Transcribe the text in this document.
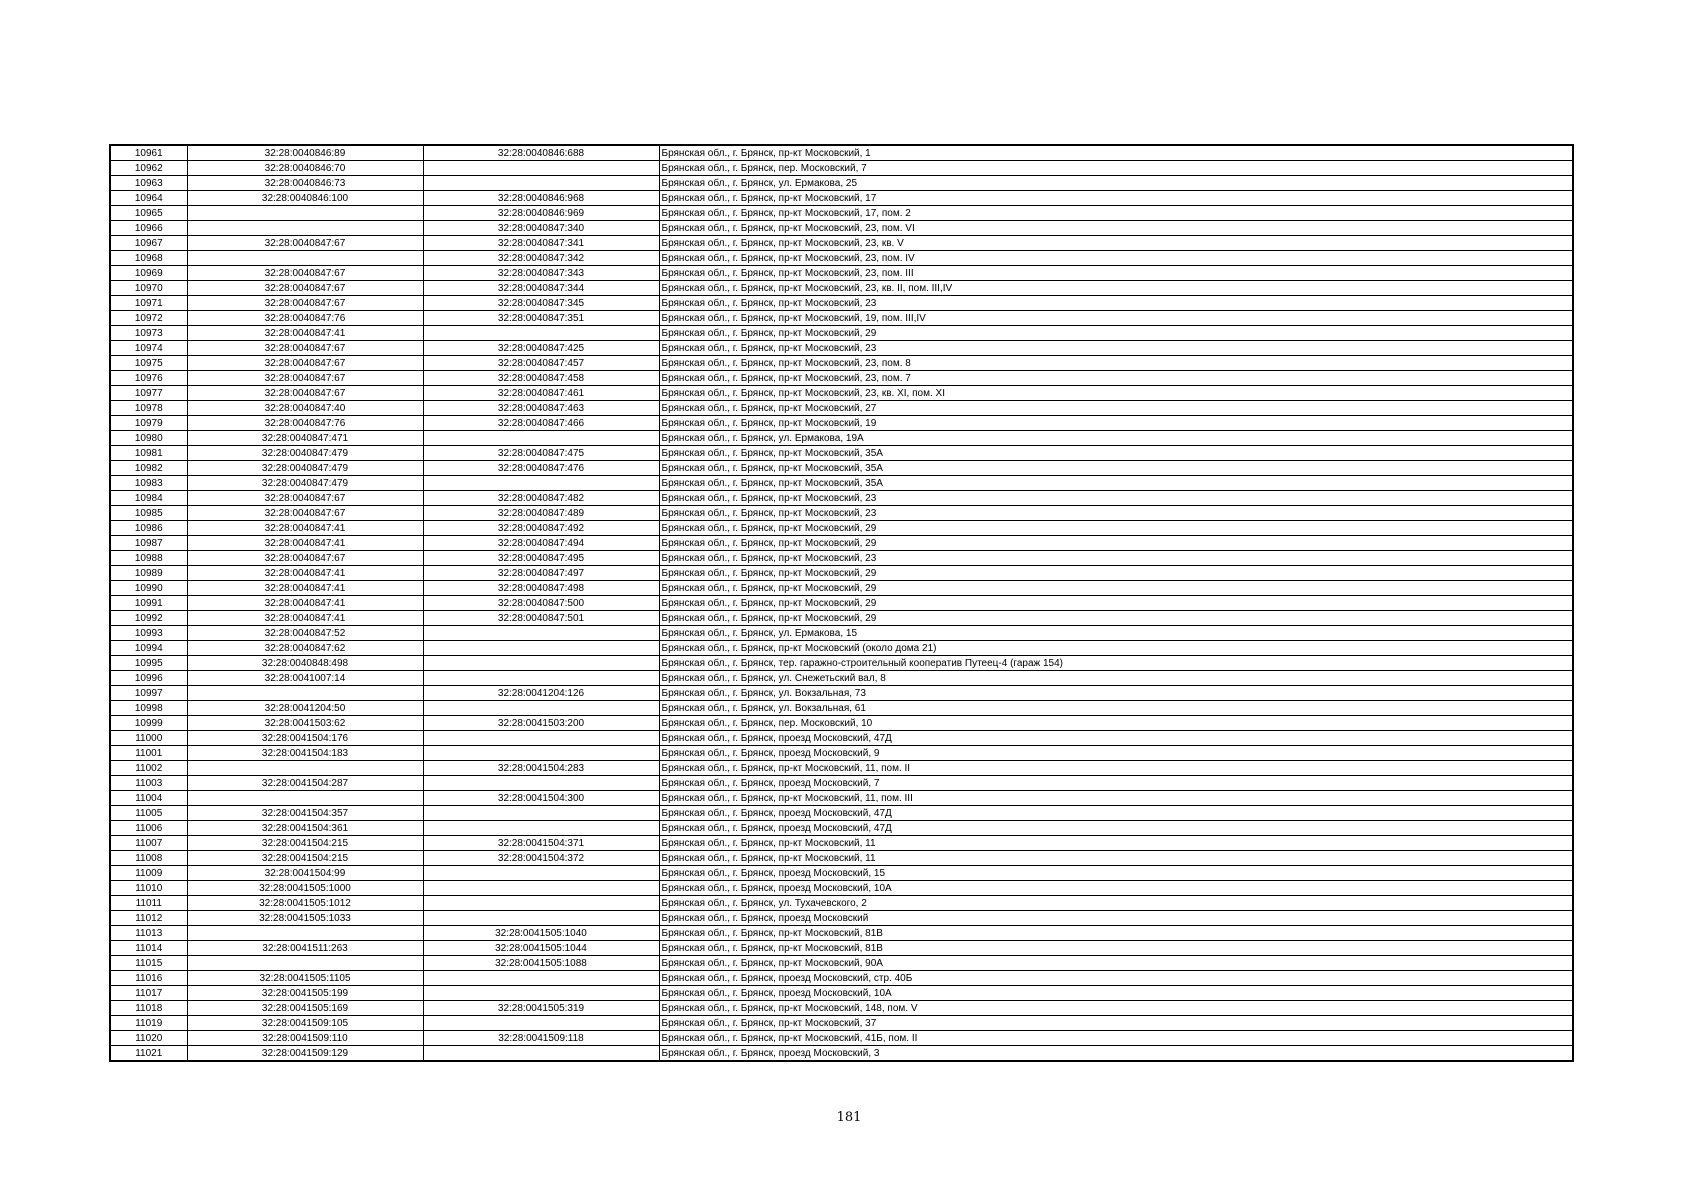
10961	32:28:0040846:89	32:28:0040846:688	Брянская обл., г. Брянск, пр-кт Московский, 1
10962	32:28:0040846:70		Брянская обл., г. Брянск, пер. Московский, 7
10963	32:28:0040846:73		Брянская обл., г. Брянск, ул. Ермакова, 25
10964	32:28:0040846:100	32:28:0040846:968	Брянская обл., г. Брянск, пр-кт Московский, 17
10965		32:28:0040846:969	Брянская обл., г. Брянск, пр-кт Московский, 17, пом. 2
10966		32:28:0040847:340	Брянская обл., г. Брянск, пр-кт Московский, 23, пом. VI
10967	32:28:0040847:67	32:28:0040847:341	Брянская обл., г. Брянск, пр-кт Московский, 23, кв. V
10968		32:28:0040847:342	Брянская обл., г. Брянск, пр-кт Московский, 23, пом. IV
10969	32:28:0040847:67	32:28:0040847:343	Брянская обл., г. Брянск, пр-кт Московский, 23, пом. III
10970	32:28:0040847:67	32:28:0040847:344	Брянская обл., г. Брянск, пр-кт Московский, 23, кв. II, пом. III,IV
10971	32:28:0040847:67	32:28:0040847:345	Брянская обл., г. Брянск, пр-кт Московский, 23
10972	32:28:0040847:76	32:28:0040847:351	Брянская обл., г. Брянск, пр-кт Московский, 19, пом. III,IV
10973	32:28:0040847:41		Брянская обл., г. Брянск, пр-кт Московский, 29
10974	32:28:0040847:67	32:28:0040847:425	Брянская обл., г. Брянск, пр-кт Московский, 23
10975	32:28:0040847:67	32:28:0040847:457	Брянская обл., г. Брянск, пр-кт Московский, 23, пом. 8
10976	32:28:0040847:67	32:28:0040847:458	Брянская обл., г. Брянск, пр-кт Московский, 23, пом. 7
10977	32:28:0040847:67	32:28:0040847:461	Брянская обл., г. Брянск, пр-кт Московский, 23, кв. XI, пом. XI
10978	32:28:0040847:40	32:28:0040847:463	Брянская обл., г. Брянск, пр-кт Московский, 27
10979	32:28:0040847:76	32:28:0040847:466	Брянская обл., г. Брянск, пр-кт Московский, 19
10980	32:28:0040847:471		Брянская обл., г. Брянск, ул. Ермакова, 19А
10981	32:28:0040847:479	32:28:0040847:475	Брянская обл., г. Брянск, пр-кт Московский, 35А
10982	32:28:0040847:479	32:28:0040847:476	Брянская обл., г. Брянск, пр-кт Московский, 35А
10983	32:28:0040847:479		Брянская обл., г. Брянск, пр-кт Московский, 35А
10984	32:28:0040847:67	32:28:0040847:482	Брянская обл., г. Брянск, пр-кт Московский, 23
10985	32:28:0040847:67	32:28:0040847:489	Брянская обл., г. Брянск, пр-кт Московский, 23
10986	32:28:0040847:41	32:28:0040847:492	Брянская обл., г. Брянск, пр-кт Московский, 29
10987	32:28:0040847:41	32:28:0040847:494	Брянская обл., г. Брянск, пр-кт Московский, 29
10988	32:28:0040847:67	32:28:0040847:495	Брянская обл., г. Брянск, пр-кт Московский, 23
10989	32:28:0040847:41	32:28:0040847:497	Брянская обл., г. Брянск, пр-кт Московский, 29
10990	32:28:0040847:41	32:28:0040847:498	Брянская обл., г. Брянск, пр-кт Московский, 29
10991	32:28:0040847:41	32:28:0040847:500	Брянская обл., г. Брянск, пр-кт Московский, 29
10992	32:28:0040847:41	32:28:0040847:501	Брянская обл., г. Брянск, пр-кт Московский, 29
10993	32:28:0040847:52		Брянская обл., г. Брянск, ул. Ермакова, 15
10994	32:28:0040847:62		Брянская обл., г. Брянск, пр-кт Московский (около дома 21)
10995	32:28:0040848:498		Брянская обл., г. Брянск, тер. гаражно-строительный кооператив Путеец-4 (гараж 154)
10996	32:28:0041007:14		Брянская обл., г. Брянск, ул. Снежетьский вал, 8
10997		32:28:0041204:126	Брянская обл., г. Брянск, ул. Вокзальная, 73
10998	32:28:0041204:50		Брянская обл., г. Брянск, ул. Вокзальная, 61
10999	32:28:0041503:62	32:28:0041503:200	Брянская обл., г. Брянск, пер. Московский, 10
11000	32:28:0041504:176		Брянская обл., г. Брянск, проезд Московский, 47Д
11001	32:28:0041504:183		Брянская обл., г. Брянск, проезд Московский, 9
11002		32:28:0041504:283	Брянская обл., г. Брянск, пр-кт Московский, 11, пом. II
11003	32:28:0041504:287		Брянская обл., г. Брянск, проезд Московский, 7
11004		32:28:0041504:300	Брянская обл., г. Брянск, пр-кт Московский, 11, пом. III
11005	32:28:0041504:357		Брянская обл., г. Брянск, проезд Московский, 47Д
11006	32:28:0041504:361		Брянская обл., г. Брянск, проезд Московский, 47Д
11007	32:28:0041504:215	32:28:0041504:371	Брянская обл., г. Брянск, пр-кт Московский, 11
11008	32:28:0041504:215	32:28:0041504:372	Брянская обл., г. Брянск, пр-кт Московский, 11
11009	32:28:0041504:99		Брянская обл., г. Брянск, проезд Московский, 15
11010	32:28:0041505:1000		Брянская обл., г. Брянск, проезд Московский, 10А
11011	32:28:0041505:1012		Брянская обл., г. Брянск, ул. Тухачевского, 2
11012	32:28:0041505:1033		Брянская обл., г. Брянск, проезд Московский
11013		32:28:0041505:1040	Брянская обл., г. Брянск, пр-кт Московский, 81В
11014	32:28:0041511:263	32:28:0041505:1044	Брянская обл., г. Брянск, пр-кт Московский, 81В
11015		32:28:0041505:1088	Брянская обл., г. Брянск, пр-кт Московский, 90А
11016	32:28:0041505:1105		Брянская обл., г. Брянск, проезд Московский, стр. 40Б
11017	32:28:0041505:199		Брянская обл., г. Брянск, проезд Московский, 10А
11018	32:28:0041505:169	32:28:0041505:319	Брянская обл., г. Брянск, пр-кт Московский, 148, пом. V
11019	32:28:0041509:105		Брянская обл., г. Брянск, пр-кт Московский, 37
11020	32:28:0041509:110	32:28:0041509:118	Брянская обл., г. Брянск, пр-кт Московский, 41Б, пом. II
11021	32:28:0041509:129		Брянская обл., г. Брянск, проезд Московский, 3
181
